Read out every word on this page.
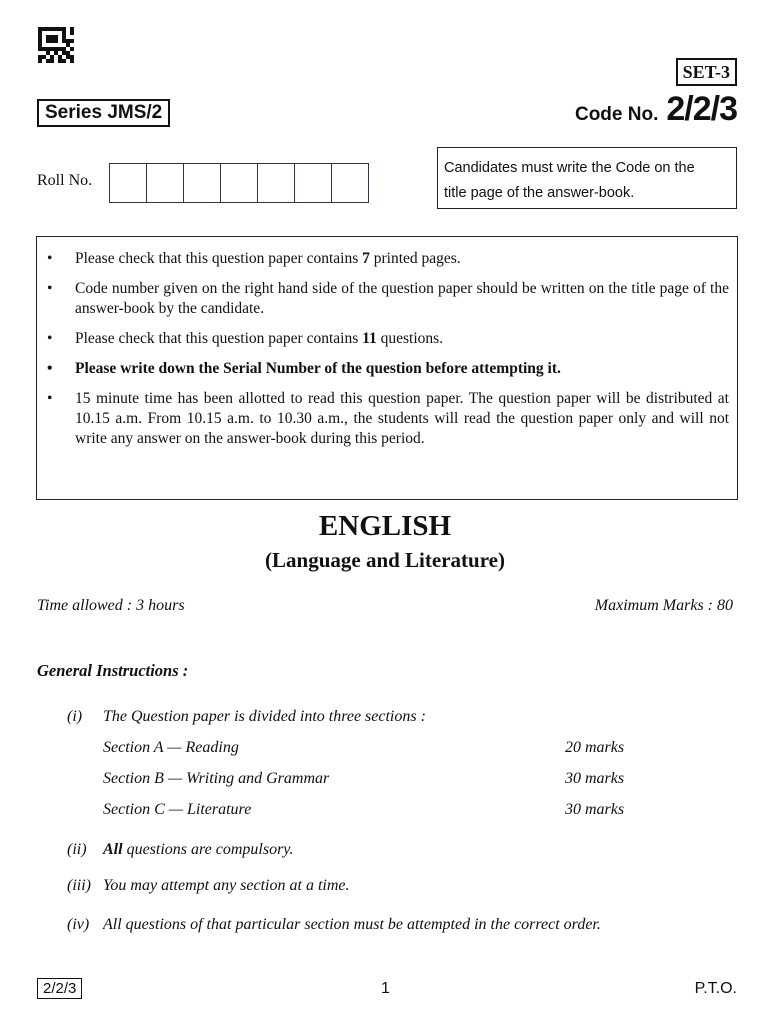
SET-3
Series JMS/2	Code No. 2/2/3
Roll No.
Candidates must write the Code on the
title page of the answer-book.
• Please check that this question paper contains 7 printed pages.
• Code number given on the right hand side of the question paper should be written on the title page of the answer-book by the candidate.
• Please check that this question paper contains 11 questions.
• Please write down the Serial Number of the question before attempting it.
• 15 minute time has been allotted to read this question paper. The question paper will be distributed at 10.15 a.m. From 10.15 a.m. to 10.30 a.m., the students will read the question paper only and will not write any answer on the answer-book during this period.
ENGLISH
(Language and Literature)
Time allowed : 3 hours	Maximum Marks : 80
General Instructions :
(i) The Question paper is divided into three sections :
Section A — Reading	20 marks
Section B — Writing and Grammar	30 marks
Section C — Literature	30 marks
(ii) All questions are compulsory.
(iii) You may attempt any section at a time.
(iv) All questions of that particular section must be attempted in the correct order.
2/2/3	1	P.T.O.
